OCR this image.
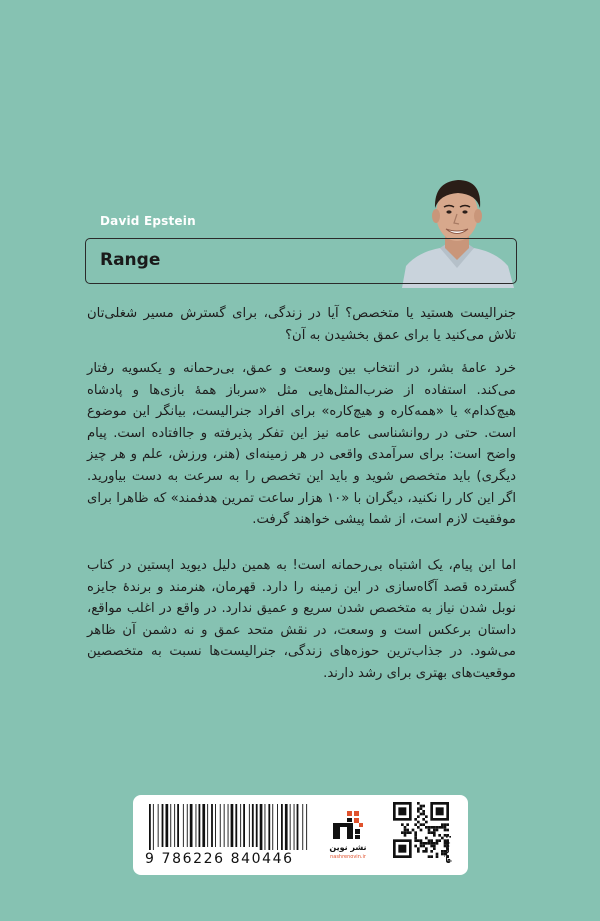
David Epstein
Range

جنرالیست هستید یا متخصص؟ آیا در زندگی، برای گسترش مسیر شغلی‌تان تلاش می‌کنید یا برای عمق بخشیدن به آن؟

خرد عامهٔ بشر، در انتخاب بین وسعت و عمق، بی‌رحمانه و یکسویه رفتار می‌کند. استفاده از ضرب‌المثل‌هایی مثل «سرباز همهٔ بازی‌ها و پادشاه هیچ‌کدام» یا «همه‌کاره و هیچ‌کاره» برای افراد جنرالیست، بیانگر این موضوع است. حتی در روانشناسی عامه نیز این تفکر پذیرفته و جاافتاده است. پیام واضح است: برای سرآمدی واقعی در هر زمینه‌ای (هنر، ورزش، علم و هر چیز دیگری) باید متخصص شوید و باید این تخصص را به سرعت به دست بیاورید. اگر این کار را نکنید، دیگران با «۱۰ هزار ساعت تمرین هدفمند» که ظاهرا برای موفقیت لازم است، از شما پیشی خواهند گرفت.

اما این پیام، یک اشتباه بی‌رحمانه است! به همین دلیل دیوید اپستین در کتاب گسترده قصد آگاه‌سازی در این زمینه را دارد. قهرمان، هنرمند و برندهٔ جایزه نوبل شدن نیاز به متخصص شدن سریع و عمیق ندارد. در واقع در اغلب مواقع، داستان برعکس است و وسعت، در نقش متحد عمق و نه دشمن آن ظاهر می‌شود. در جذاب‌ترین حوزه‌های زندگی، جنرالیست‌ها نسبت به متخصصین موقعیت‌های بهتری برای رشد دارند.

9 786226 840446
نشر نوین
nashrenovin.ir	قیمت:
